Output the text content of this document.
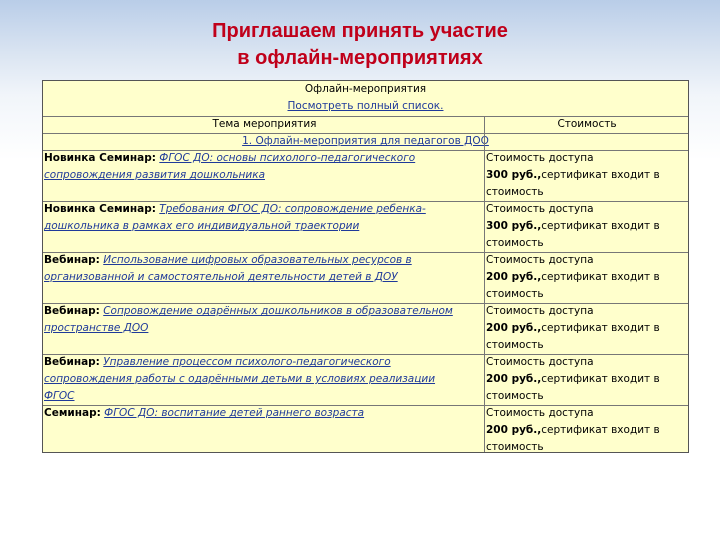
Приглашаем принять участие
в офлайн-мероприятиях
Офлайн-мероприятия
Посмотреть полный список.
Тема мероприятия	Стоимость
1. Офлайн-мероприятия для педагогов ДОО
Новинка Семинар: ФГОС ДО: основы психолого-педагогического
сопровождения развития дошкольника
Стоимость доступа
300 руб.,сертификат входит в
стоимость
Новинка Семинар: Требования ФГОС ДО: сопровождение ребенка-
дошкольника в рамках его индивидуальной траектории
Стоимость доступа
300 руб.,сертификат входит в
стоимость
Вебинар: Использование цифровых образовательных ресурсов в
организованной и самостоятельной деятельности детей в ДОУ
Стоимость доступа
200 руб.,сертификат входит в
стоимость
Вебинар: Сопровождение одарённых дошкольников в образовательном
пространстве ДОО
Стоимость доступа
200 руб.,сертификат входит в
стоимость
Вебинар: Управление процессом психолого-педагогического
сопровождения работы с одарёнными детьми в условиях реализации
ФГОС
Стоимость доступа
200 руб.,сертификат входит в
стоимость
Семинар: ФГОС ДО: воспитание детей раннего возраста	Стоимость доступа
200 руб.,сертификат входит в
стоимость
